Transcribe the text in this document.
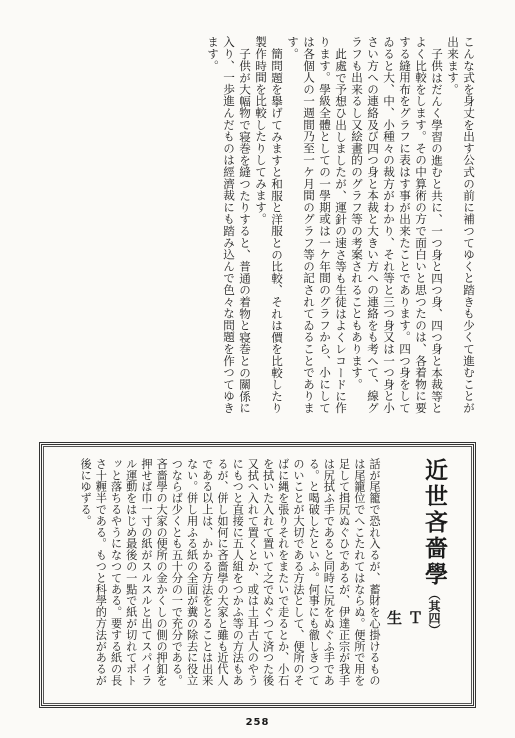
こんな式を身丈を出す公式の前に補つてゆくと踏きも少くて進むことが出来ます。

子供はだんく學習の進むと共に、一つ身と四つ身、四つ身と本裁等とよく比較をします。その中算術の方で面白いと思つたのは、各着物に要する縫用布をグラフに表はす事が出来たことであります。四つ身をしてゐると大、中、小種々の裁方がわかり、それ等と三つ身又は一つ身と小さい方への連絡及び四つ身と本裁と大きい方への連絡をも考へて、線グラフも出来るし又絵畫的のグラフ等の考案されることもあります。

此處で予想ひ出しましたが、運針の速さ等も生徒はよくレコードに作ります。學級全體としての一學期或は一ケ年間のグラフから、小にしては各個人の一週間乃至一ケ月間のグラフ等の記されてゐることであります。

簡問題を擧げてみますと和服と洋服との比較、それは價を比較したり製作時間を比較したりしてみます。

子供が大幅物で寝巻を縫つたりすると、普通の着物と寝巻との關係に入り、一歩進んだものは經濟裁にも踏み込んで色々な問題を作つてゆきます。

近世吝嗇學（其四）
Ｔ　生

話が尾籠で恐れ入るが、蓄財を心掛けるものは尾籠位でへこたれてはならぬ。便所で用を足して揖尻ぬぐひであるが、伊達正宗が我手は尻拭ふ手であると同時に尻をぬぐふ手である。と喝破したといふ。何事にも徹しきつてのいことが大切である方法として、便所のそばに縄を張りそれをまたいで走るとか、小石を拭いた入れて置いて之でぬぐつて済つた後又拭へ入れて置くとか、或は土耳古人のやうにもつと直接に五人組をつかふ等の方法もあるが、併し如何に吝嗇學の大家と雖も近代人である以上は、かかる方法をとることは出来ない。併し用ふる紙の全面が糞の除去に役立つならば少くとも五十分の一で充分である。吝嗇學の大家の便所の金かくしの側の押釦を押せば巾一寸の紙がスルスルと出てスパイラル運動をはじめ最後の一點で紙が切れてポトッと落ちるやうになつてある。要する紙の長さ十糎半である。もつと科學的方法があるが後にゆずる。

258
